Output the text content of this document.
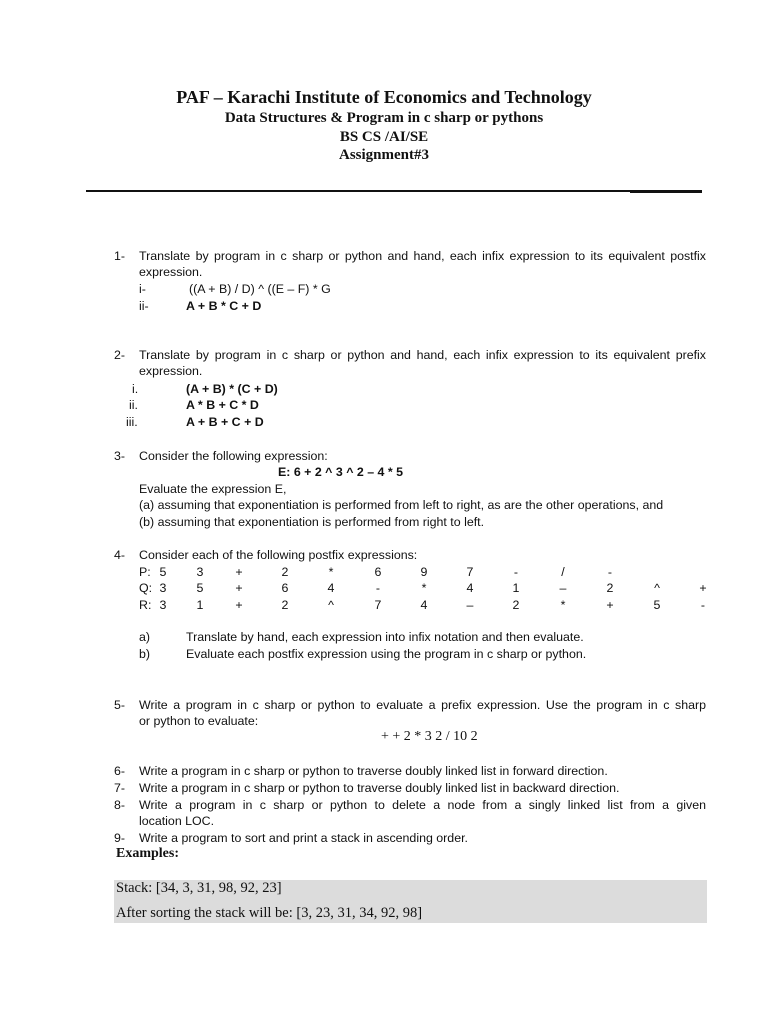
PAF – Karachi Institute of Economics and Technology
Data Structures & Program in c sharp or pythons
BS CS /AI/SE
Assignment#3
1- Translate by program in c sharp or python and hand, each infix expression to its equivalent postfix
expression.
i-	((A + B) / D) ^ ((E – F) * G
ii-	A + B * C + D
2- Translate by program in c sharp or python and hand, each infix expression to its equivalent prefix
expression.
i.	(A + B) * (C + D)
ii.	A * B + C * D
iii.	A + B + C + D
3- Consider the following expression:
E: 6 + 2 ^ 3 ^ 2 – 4 * 5
Evaluate the expression E,
(a) assuming that exponentiation is performed from left to right, as are the other operations, and
(b) assuming that exponentiation is performed from right to left.
4- Consider each of the following postfix expressions:
P: 5	3	+	2	*	6	9	7	-	/	-
Q: 3	5	+	6	4	-	*	4	1	–	2	^	+
R: 3	1	+	2	^	7	4	–	2	*	+	5	-
a)	Translate by hand, each expression into infix notation and then evaluate.
b)	Evaluate each postfix expression using the program in c sharp or python.
5- Write a program in c sharp or python to evaluate a prefix expression. Use the program in c sharp
or python to evaluate:
+ + 2 * 3 2 / 10 2
6- Write a program in c sharp or python to traverse doubly linked list in forward direction.
7- Write a program in c sharp or python to traverse doubly linked list in backward direction.
8- Write a program in c sharp or python to delete a node from a singly linked list from a given
location LOC.
9- Write a program to sort and print a stack in ascending order.
Examples:
Stack: [34, 3, 31, 98, 92, 23]
After sorting the stack will be: [3, 23, 31, 34, 92, 98]
